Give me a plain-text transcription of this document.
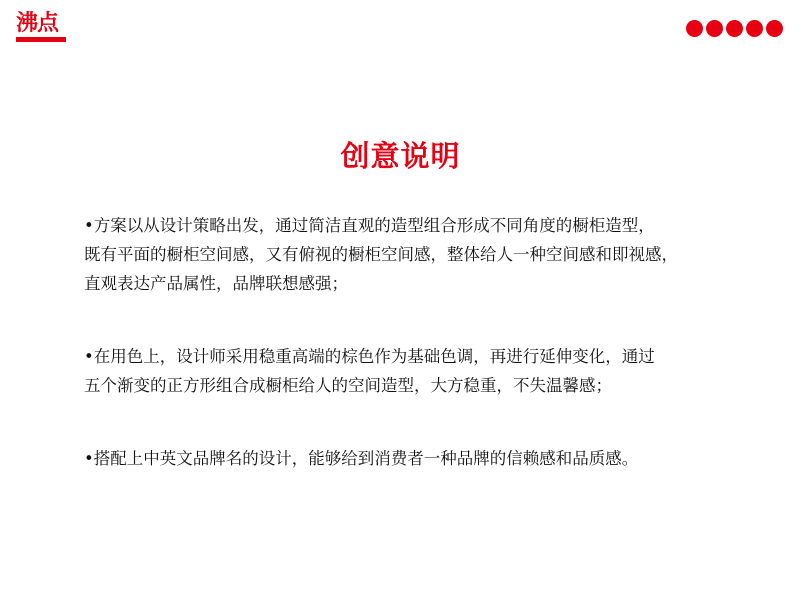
沸点
创意说明
•方案以从设计策略出发，通过简洁直观的造型组合形成不同角度的橱柜造型，
既有平面的橱柜空间感，又有俯视的橱柜空间感，整体给人一种空间感和即视感，
直观表达产品属性，品牌联想感强；
•在用色上，设计师采用稳重高端的棕色作为基础色调，再进行延伸变化，通过
五个渐变的正方形组合成橱柜给人的空间造型，大方稳重，不失温馨感；
•搭配上中英文品牌名的设计，能够给到消费者一种品牌的信赖感和品质感。
